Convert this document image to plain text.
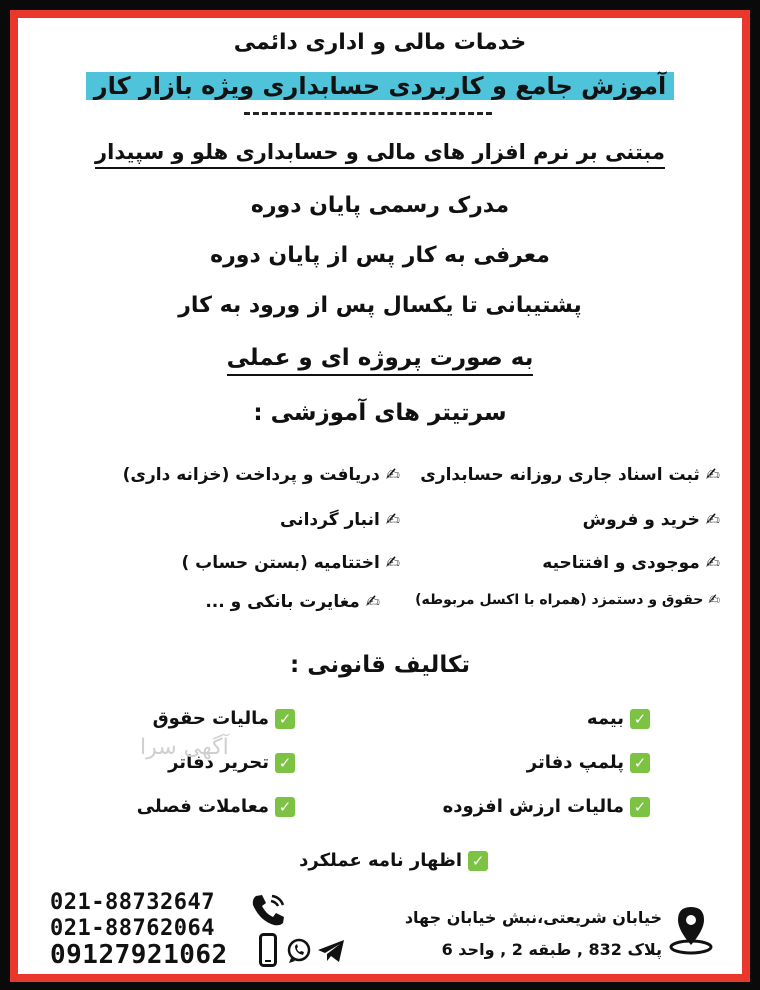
خدمات مالی و اداری دائمی
آموزش جامع و کاربردی حسابداری ویژه بازار کار
مبتنی بر نرم افزار های مالی و حسابداری هلو و سپیدار
مدرک رسمی پایان دوره
معرفی به کار پس از پایان دوره
پشتیبانی تا یکسال پس از ورود به کار
به صورت پروژه ای و عملی
سرتیتر های آموزشی :
✍ ثبت اسناد جاری روزانه حسابداری
✍ خرید و فروش
✍ موجودی و افتتاحیه
✍ حقوق و دستمزد (همراه با اکسل مربوطه)
✍ دریافت و پرداخت (خزانه داری)
✍ انبار گردانی
✍ اختتامیه (بستن حساب )
✍ مغایرت بانکی و ...
تکالیف قانونی :
✓بیمه
✓پلمپ دفاتر
✓مالیات ارزش افزوده
✓مالیات حقوق
✓تحریر دفاتر
✓معاملات فصلی
✓اظهار نامه عملکرد
آگهی سرا
021-88732647
021-88762064
09127921062
خیابان شریعتی،نبش خیابان جهاد
پلاک 832 , طبقه 2 , واحد 6
